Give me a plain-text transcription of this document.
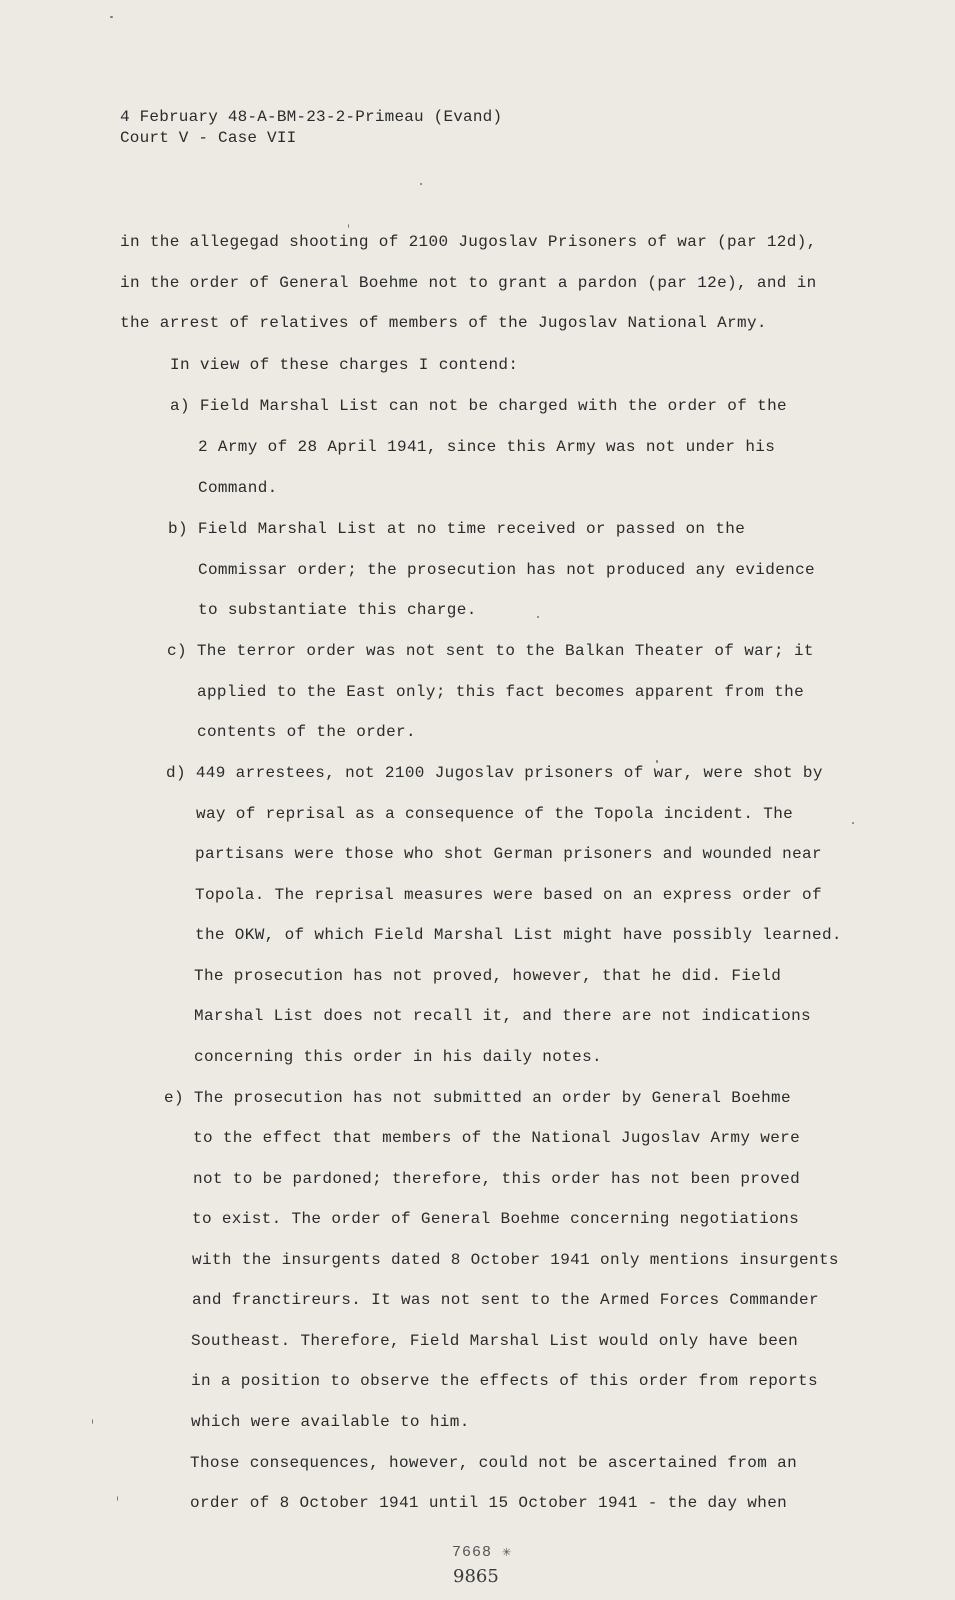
4 February 48-A-BM-23-2-Primeau (Evand)
Court V - Case VII
in the allegegad shooting of 2100 Jugoslav Prisoners of war (par 12d),
in the order of General Boehme not to grant a pardon (par 12e), and in
the arrest of relatives of members of the Jugoslav National Army.
In view of these charges I contend:
a) Field Marshal List can not be charged with the order of the
2 Army of 28 April 1941, since this Army was not under his
Command.
b) Field Marshal List at no time received or passed on the
Commissar order; the prosecution has not produced any evidence
to substantiate this charge.
c) The terror order was not sent to the Balkan Theater of war; it
applied to the East only; this fact becomes apparent from the
contents of the order.
d) 449 arrestees, not 2100 Jugoslav prisoners of war, were shot by
way of reprisal as a consequence of the Topola incident. The
partisans were those who shot German prisoners and wounded near
Topola. The reprisal measures were based on an express order of
the OKW, of which Field Marshal List might have possibly learned.
The prosecution has not proved, however, that he did. Field
Marshal List does not recall it, and there are not indications
concerning this order in his daily notes.
e) The prosecution has not submitted an order by General Boehme
to the effect that members of the National Jugoslav Army were
not to be pardoned; therefore, this order has not been proved
to exist. The order of General Boehme concerning negotiations
with the insurgents dated 8 October 1941 only mentions insurgents
and franctireurs. It was not sent to the Armed Forces Commander
Southeast. Therefore, Field Marshal List would only have been
in a position to observe the effects of this order from reports
which were available to him.
Those consequences, however, could not be ascertained from an
order of 8 October 1941 until 15 October 1941 - the day when
7668 ✳
9865
